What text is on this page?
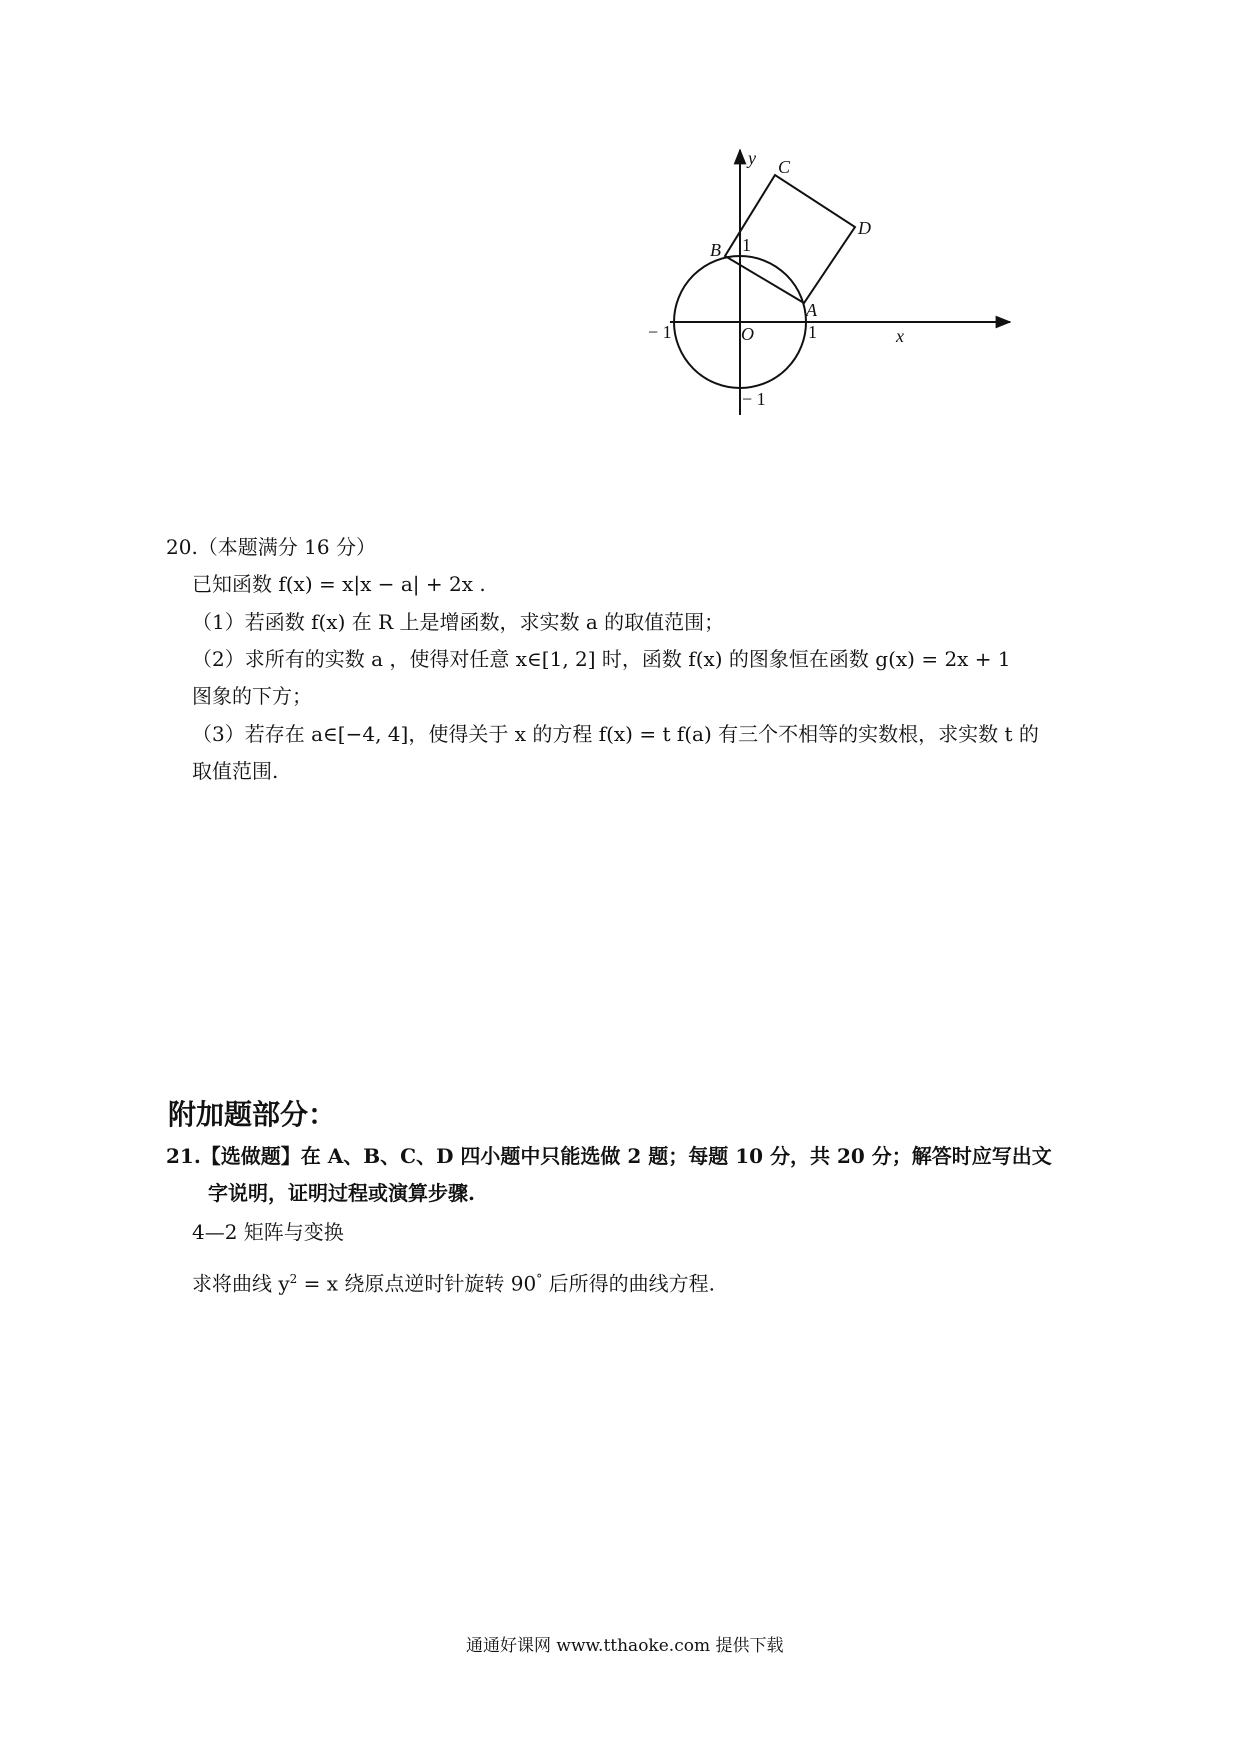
y
x
O
A
B
C
D
1
1
− 1
− 1
20.（本题满分 16 分）
已知函数 f(x) = x|x − a| + 2x .
（1）若函数 f(x) 在 R 上是增函数，求实数 a 的取值范围；
（2）求所有的实数 a ，使得对任意 x∈[1, 2] 时，函数 f(x) 的图象恒在函数 g(x) = 2x + 1
图象的下方；
（3）若存在 a∈[−4, 4]，使得关于 x 的方程 f(x) = t f(a) 有三个不相等的实数根，求实数 t 的
取值范围.
附加题部分：
21.【选做题】在 A、B、C、D 四小题中只能选做 2 题；每题 10 分，共 20 分；解答时应写出文
字说明，证明过程或演算步骤.
4—2 矩阵与变换
求将曲线 $y^2 = x$ 绕原点逆时针旋转 90° 后所得的曲线方程.
通通好课网 www.tthaoke.com 提供下载
